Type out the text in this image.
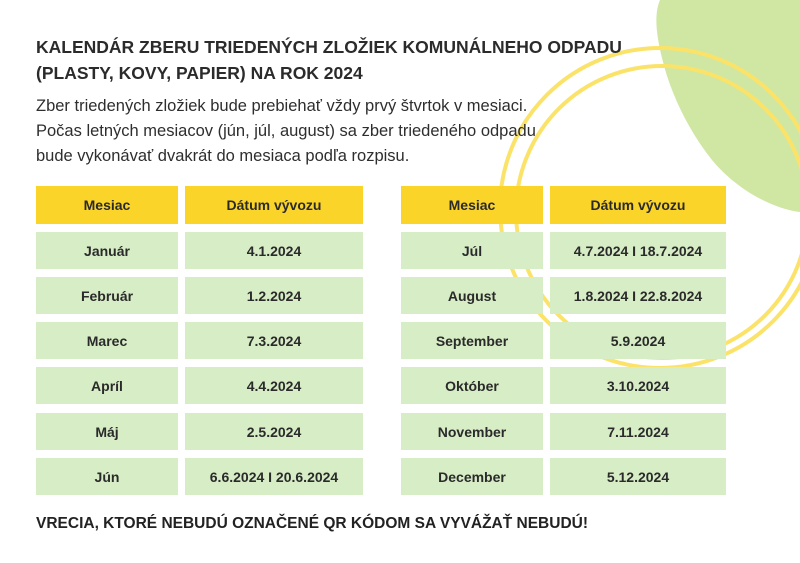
KALENDÁR ZBERU TRIEDENÝCH ZLOŽIEK KOMUNÁLNEHO ODPADU
(PLASTY, KOVY, PAPIER) NA ROK 2024
Zber triedených zložiek bude prebiehať vždy prvý štvrtok v mesiaci.
Počas letných mesiacov (jún, júl, august) sa zber triedeného odpadu
bude vykonávať dvakrát do mesiaca podľa rozpisu.
Mesiac	Dátum vývozu
Január	4.1.2024
Február	1.2.2024
Marec	7.3.2024
Apríl	4.4.2024
Máj	2.5.2024
Jún	6.6.2024 I 20.6.2024
Mesiac	Dátum vývozu
Júl	4.7.2024 I 18.7.2024
August	1.8.2024 I 22.8.2024
September	5.9.2024
Október	3.10.2024
November	7.11.2024
December	5.12.2024
VRECIA, KTORÉ NEBUDÚ OZNAČENÉ QR KÓDOM SA VYVÁŽAŤ NEBUDÚ!
